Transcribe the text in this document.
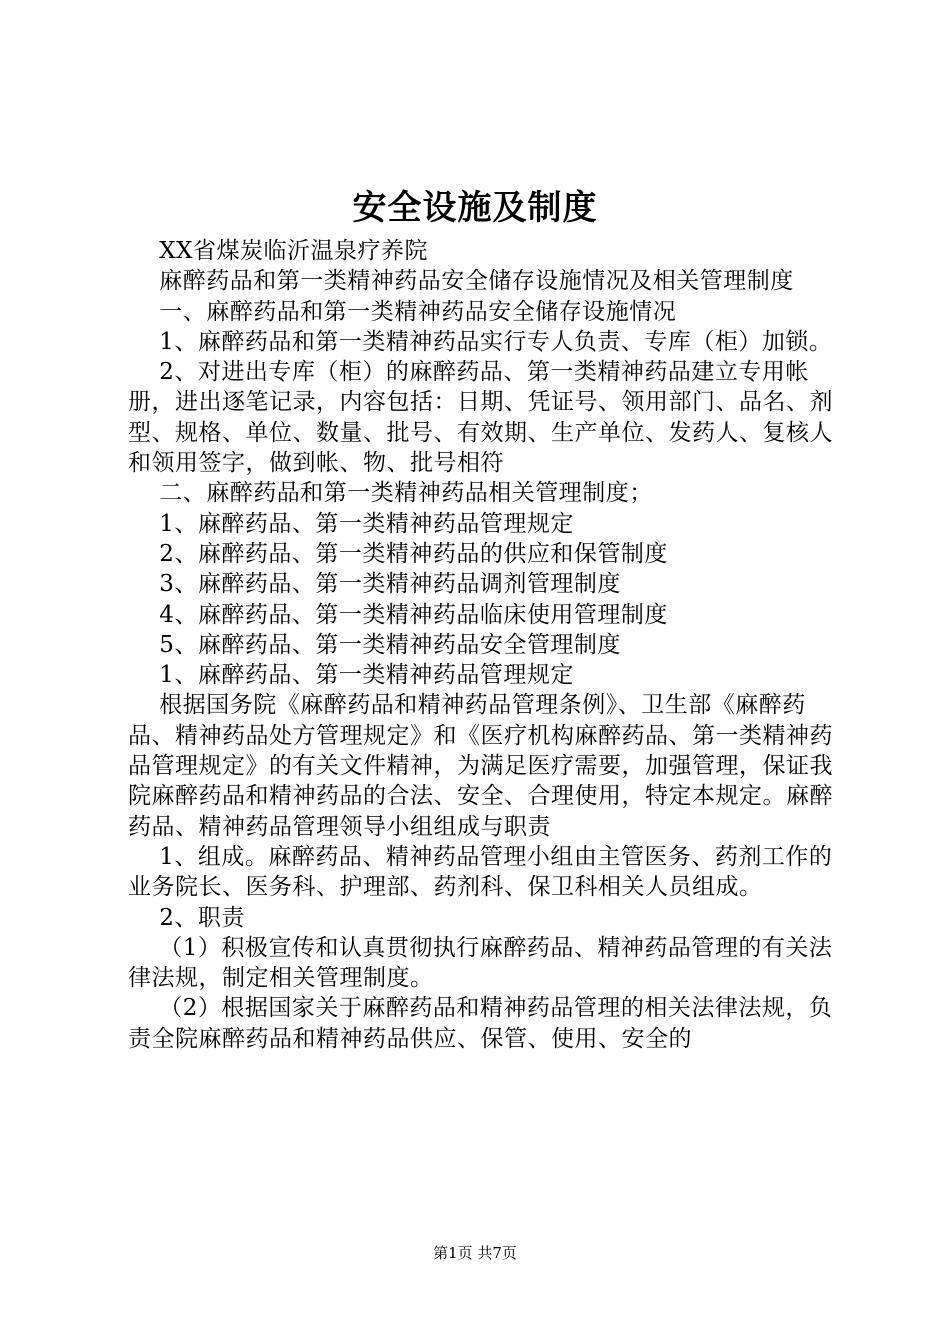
安全设施及制度

XX省煤炭临沂温泉疗养院

麻醉药品和第一类精神药品安全储存设施情况及相关管理制度

一、麻醉药品和第一类精神药品安全储存设施情况

1、麻醉药品和第一类精神药品实行专人负责、专库（柜）加锁。

2、对进出专库（柜）的麻醉药品、第一类精神药品建立专用帐册，进出逐笔记录，内容包括：日期、凭证号、领用部门、品名、剂型、规格、单位、数量、批号、有效期、生产单位、发药人、复核人和领用签字，做到帐、物、批号相符

二、麻醉药品和第一类精神药品相关管理制度；

1、麻醉药品、第一类精神药品管理规定

2、麻醉药品、第一类精神药品的供应和保管制度

3、麻醉药品、第一类精神药品调剂管理制度

4、麻醉药品、第一类精神药品临床使用管理制度

5、麻醉药品、第一类精神药品安全管理制度

1、麻醉药品、第一类精神药品管理规定

根据国务院《麻醉药品和精神药品管理条例》、卫生部《麻醉药品、精神药品处方管理规定》和《医疗机构麻醉药品、第一类精神药品管理规定》的有关文件精神，为满足医疗需要，加强管理，保证我院麻醉药品和精神药品的合法、安全、合理使用，特定本规定。麻醉药品、精神药品管理领导小组组成与职责

1、组成。麻醉药品、精神药品管理小组由主管医务、药剂工作的业务院长、医务科、护理部、药剂科、保卫科相关人员组成。

2、职责

（1）积极宣传和认真贯彻执行麻醉药品、精神药品管理的有关法律法规，制定相关管理制度。

（2）根据国家关于麻醉药品和精神药品管理的相关法律法规，负责全院麻醉药品和精神药品供应、保管、使用、安全的

第1页 共7页
